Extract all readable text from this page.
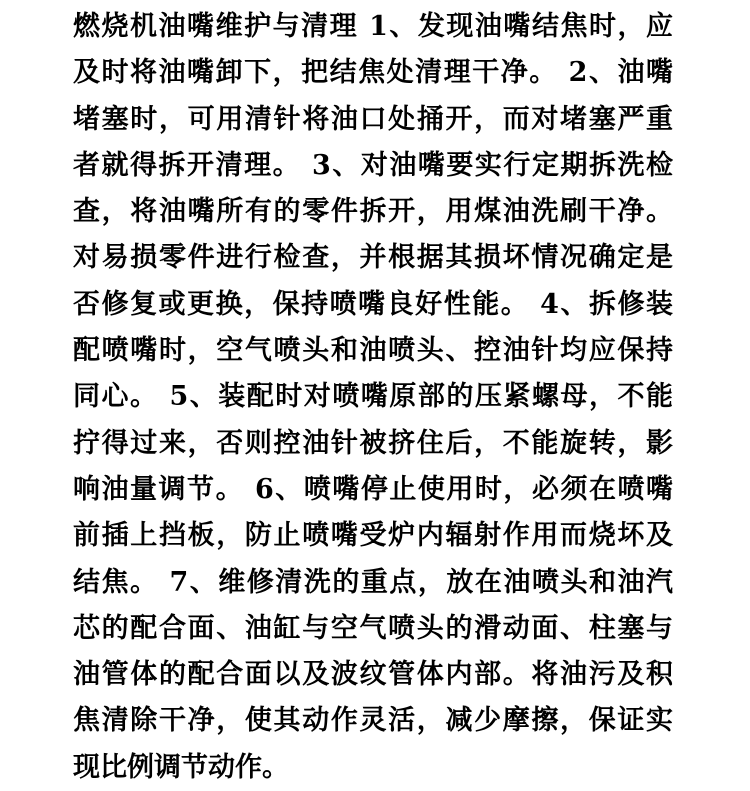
燃烧机油嘴维护与清理 1、发现油嘴结焦时，应
及时将油嘴卸下，把结焦处清理干净。 2、油嘴
堵塞时，可用清针将油口处捅开，而对堵塞严重
者就得拆开清理。 3、对油嘴要实行定期拆洗检
查，将油嘴所有的零件拆开，用煤油洗刷干净。
对易损零件进行检查，并根据其损坏情况确定是
否修复或更换，保持喷嘴良好性能。 4、拆修装
配喷嘴时，空气喷头和油喷头、控油针均应保持
同心。 5、装配时对喷嘴原部的压紧螺母，不能
拧得过来，否则控油针被挤住后，不能旋转，影
响油量调节。 6、喷嘴停止使用时，必须在喷嘴
前插上挡板，防止喷嘴受炉内辐射作用而烧坏及
结焦。 7、维修清洗的重点，放在油喷头和油汽
芯的配合面、油缸与空气喷头的滑动面、柱塞与
油管体的配合面以及波纹管体内部。将油污及积
焦清除干净，使其动作灵活，减少摩擦，保证实
现比例调节动作。
